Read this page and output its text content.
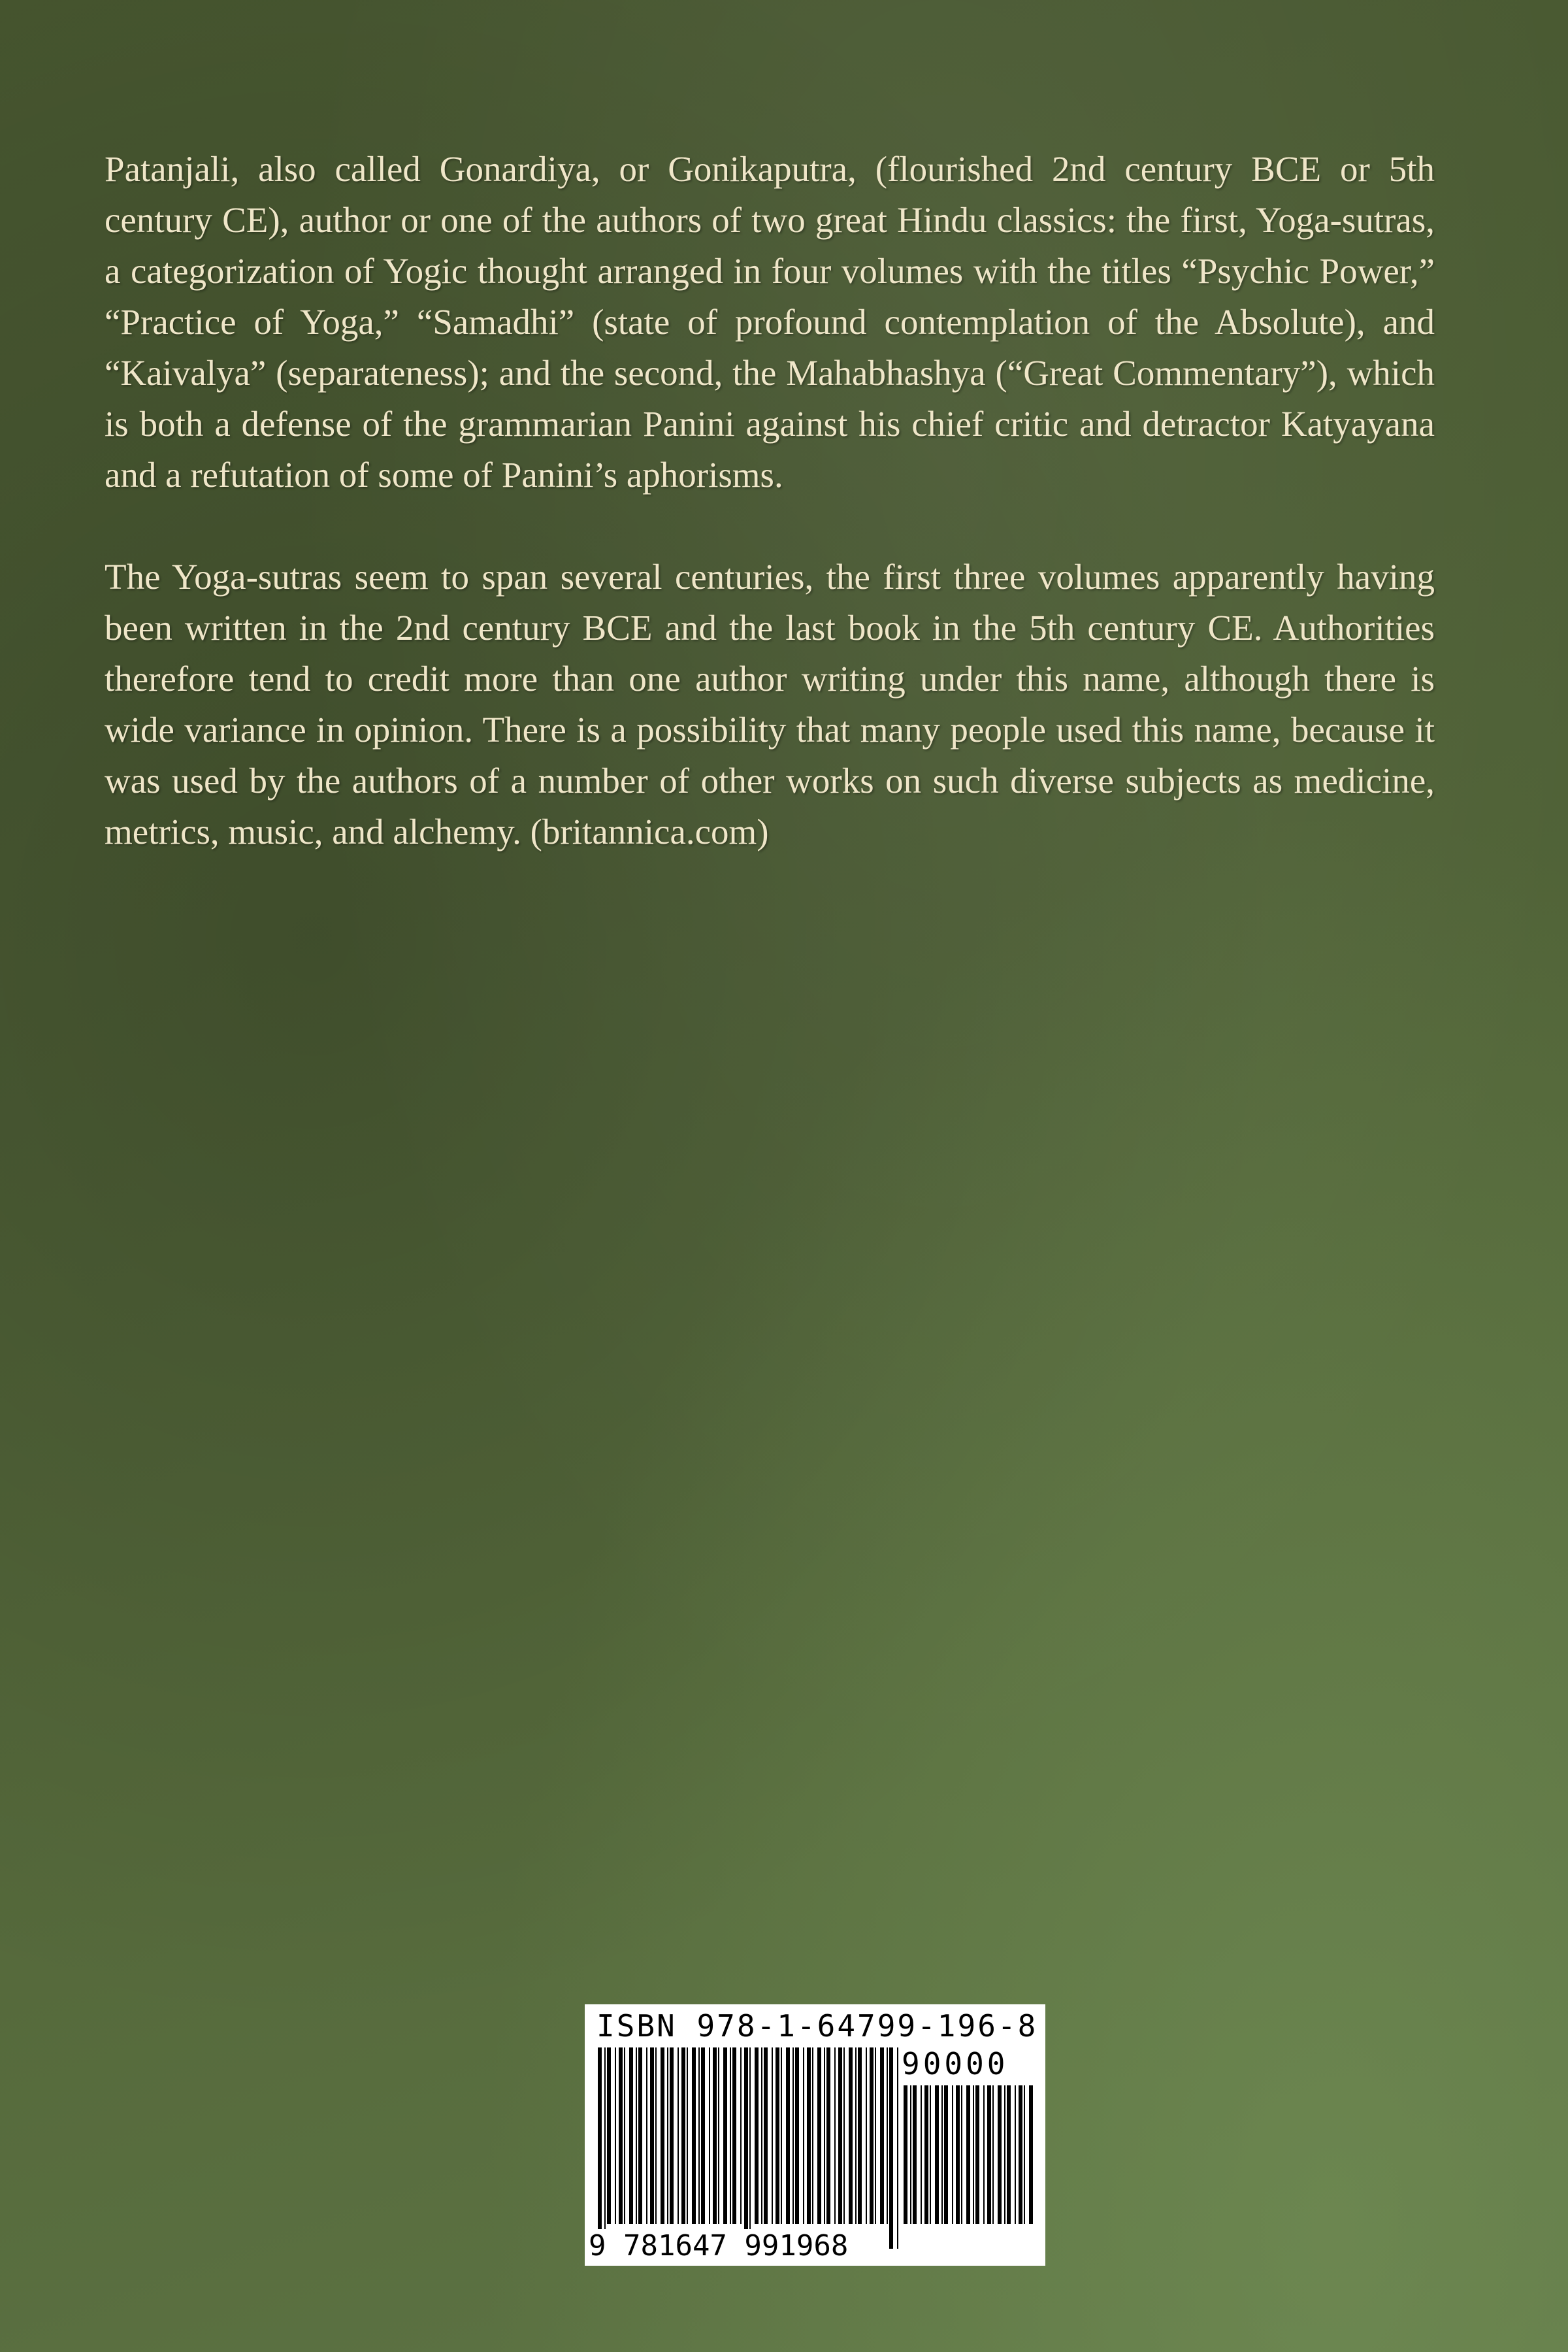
Patanjali, also called Gonardiya, or Gonikaputra, (flourished 2nd century BCE or 5th century CE), author or one of the authors of two great Hindu classics: the first, Yoga-sutras, a categorization of Yogic thought arranged in four volumes with the titles “Psychic Power,” “Practice of Yoga,” “Samadhi” (state of profound contemplation of the Absolute), and “Kaivalya” (separateness); and the second, the Mahabhashya (“Great Commentary”), which is both a defense of the grammarian Panini against his chief critic and detractor Katyayana and a refutation of some of Panini’s aphorisms.

The Yoga-sutras seem to span several centuries, the first three volumes apparently having been written in the 2nd century BCE and the last book in the 5th century CE. Authorities therefore tend to credit more than one author writing under this name, although there is wide variance in opinion. There is a possibility that many people used this name, because it was used by the authors of a number of other works on such diverse subjects as medicine, metrics, music, and alchemy. (britannica.com)

ISBN 978-1-64799-196-8
90000
9 781647 991968
